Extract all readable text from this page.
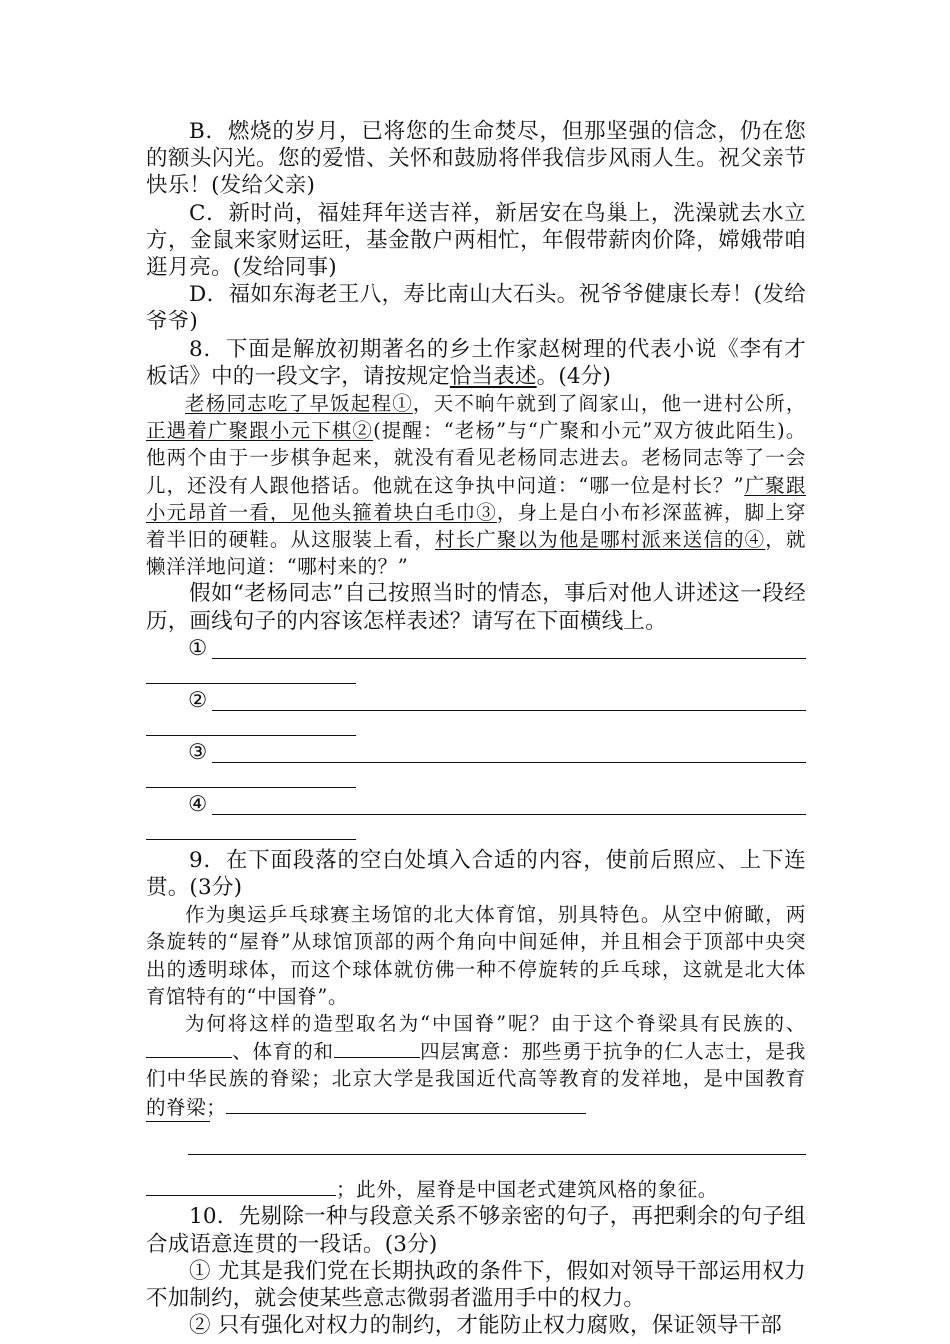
B．燃烧的岁月，已将您的生命焚尽，但那坚强的信念，仍在您的额头闪光。您的爱惜、关怀和鼓励将伴我信步风雨人生。祝父亲节快乐！(发给父亲)

C．新时尚，福娃拜年送吉祥，新居安在鸟巢上，洗澡就去水立方，金鼠来家财运旺，基金散户两相忙，年假带薪肉价降，嫦娥带咱逛月亮。(发给同事)

D．福如东海老王八，寿比南山大石头。祝爷爷健康长寿！(发给爷爷)

8．下面是解放初期著名的乡土作家赵树理的代表小说《李有才板话》中的一段文字，请按规定恰当表述。(4分)

老杨同志吃了早饭起程①，天不晌午就到了阎家山，他一进村公所，正遇着广聚跟小元下棋②(提醒：“老杨”与“广聚和小元”双方彼此陌生)。他两个由于一步棋争起来，就没有看见老杨同志进去。老杨同志等了一会儿，还没有人跟他搭话。他就在这争执中问道：“哪一位是村长？”广聚跟小元昂首一看，见他头箍着块白毛巾③，身上是白小布衫深蓝裤，脚上穿着半旧的硬鞋。从这服装上看，村长广聚以为他是哪村派来送信的④，就懒洋洋地问道：“哪村来的？”

假如“老杨同志”自己按照当时的情态，事后对他人讲述这一段经历，画线句子的内容该怎样表述？请写在下面横线上。

①
②
③
④

9．在下面段落的空白处填入合适的内容，使前后照应、上下连贯。(3分)

作为奥运乒乓球赛主场馆的北大体育馆，别具特色。从空中俯瞰，两条旋转的“屋脊”从球馆顶部的两个角向中间延伸，并且相会于顶部中央突出的透明球体，而这个球体就仿佛一种不停旋转的乒乓球，这就是北大体育馆特有的“中国脊”。

为何将这样的造型取名为“中国脊”呢？由于这个脊梁具有民族的、、体育的和	四层寓意：那些勇于抗争的仁人志士，是我们中华民族的脊梁；北京大学是我国近代高等教育的发祥地，是中国教育的脊梁；

；此外，屋脊是中国老式建筑风格的象征。

10．先剔除一种与段意关系不够亲密的句子，再把剩余的句子组合成语意连贯的一段话。(3分)

① 尤其是我们党在长期执政的条件下，假如对领导干部运用权力不加制约，就会使某些意志微弱者滥用手中的权力。

② 只有强化对权力的制约，才能防止权力腐败，保证领导干部
